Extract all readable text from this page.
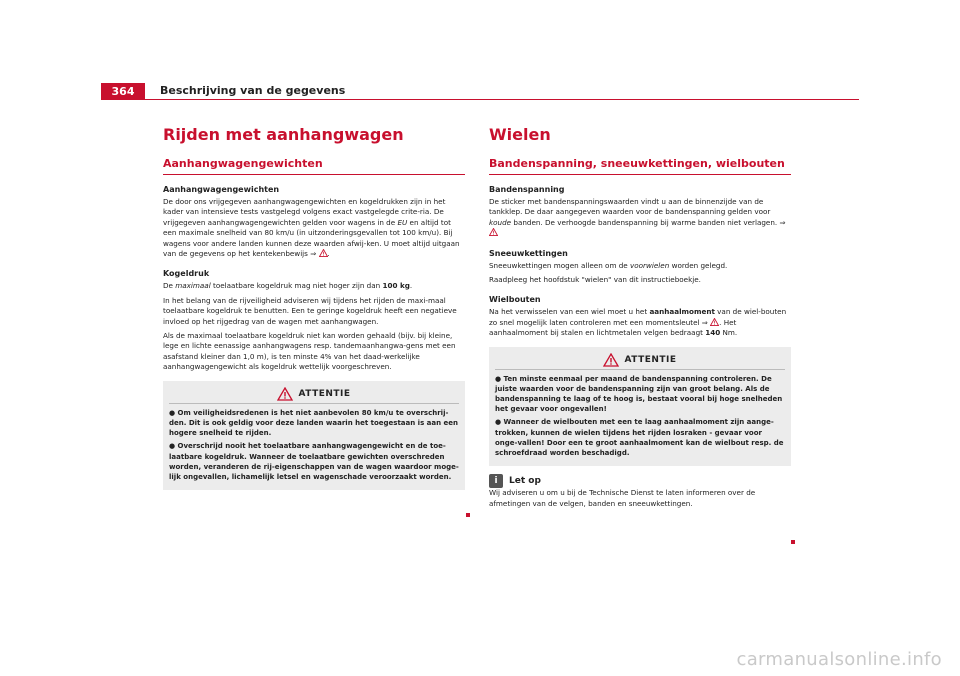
364	Beschrijving van de gegevens
Rijden met aanhangwagen
Aanhangwagengewichten
Aanhangwagengewichten

De door ons vrijgegeven aanhangwagengewichten en kogeldrukken zijn in het kader van intensieve tests vastgelegd volgens exact vastgelegde crite-ria. De vrijgegeven aanhangwagengewichten gelden voor wagens in de EU en altijd tot een maximale snelheid van 80 km/u (in uitzonderingsgevallen tot 100 km/u). Bij wagens voor andere landen kunnen deze waarden afwij-ken. U moet altijd uitgaan van de gegevens op het kentekenbewijs ⇒ .

Kogeldruk

De maximaal toelaatbare kogeldruk mag niet hoger zijn dan 100 kg.

In het belang van de rijveiligheid adviseren wij tijdens het rijden de maxi-maal toelaatbare kogeldruk te benutten. Een te geringe kogeldruk heeft een negatieve invloed op het rijgedrag van de wagen met aanhangwagen.

Als de maximaal toelaatbare kogeldruk niet kan worden gehaald (bijv. bij kleine, lege en lichte eenassige aanhangwagens resp. tandemaanhangwa-gens met een asafstand kleiner dan 1,0 m), is ten minste 4% van het daad-werkelijke aanhangwagengewicht als kogeldruk wettelijk voorgeschreven.

ATTENTIE

● Om veiligheidsredenen is het niet aanbevolen 80 km/u te overschrij-den. Dit is ook geldig voor deze landen waarin het toegestaan is aan een hogere snelheid te rijden.

● Overschrijd nooit het toelaatbare aanhangwagengewicht en de toe-laatbare kogeldruk. Wanneer de toelaatbare gewichten overschreden worden, veranderen de rij-eigenschappen van de wagen waardoor moge-lijk ongevallen, lichamelijk letsel en wagenschade veroorzaakt worden.

Wielen
Bandenspanning, sneeuwkettingen, wielbouten
Bandenspanning

De sticker met bandenspanningswaarden vindt u aan de binnenzijde van de tankklep. De daar aangegeven waarden voor de bandenspanning gelden voor koude banden. De verhoogde bandenspanning bij warme banden niet verlagen. ⇒

Sneeuwkettingen

Sneeuwkettingen mogen alleen om de voorwielen worden gelegd.

Raadpleeg het hoofdstuk "wielen" van dit instructieboekje.

Wielbouten

Na het verwisselen van een wiel moet u het aanhaalmoment van de wiel-bouten zo snel mogelijk laten controleren met een momentsleutel ⇒ . Het aanhaalmoment bij stalen en lichtmetalen velgen bedraagt 140 Nm.

ATTENTIE

● Ten minste eenmaal per maand de bandenspanning controleren. De juiste waarden voor de bandenspanning zijn van groot belang. Als de bandenspanning te laag of te hoog is, bestaat vooral bij hoge snelheden het gevaar voor ongevallen!

● Wanneer de wielbouten met een te laag aanhaalmoment zijn aange-trokken, kunnen de wielen tijdens het rijden losraken - gevaar voor onge-vallen! Door een te groot aanhaalmoment kan de wielbout resp. de schroefdraad worden beschadigd.

i	Let op

Wij adviseren u om u bij de Technische Dienst te laten informeren over de afmetingen van de velgen, banden en sneeuwkettingen.

carmanualsonline.info
